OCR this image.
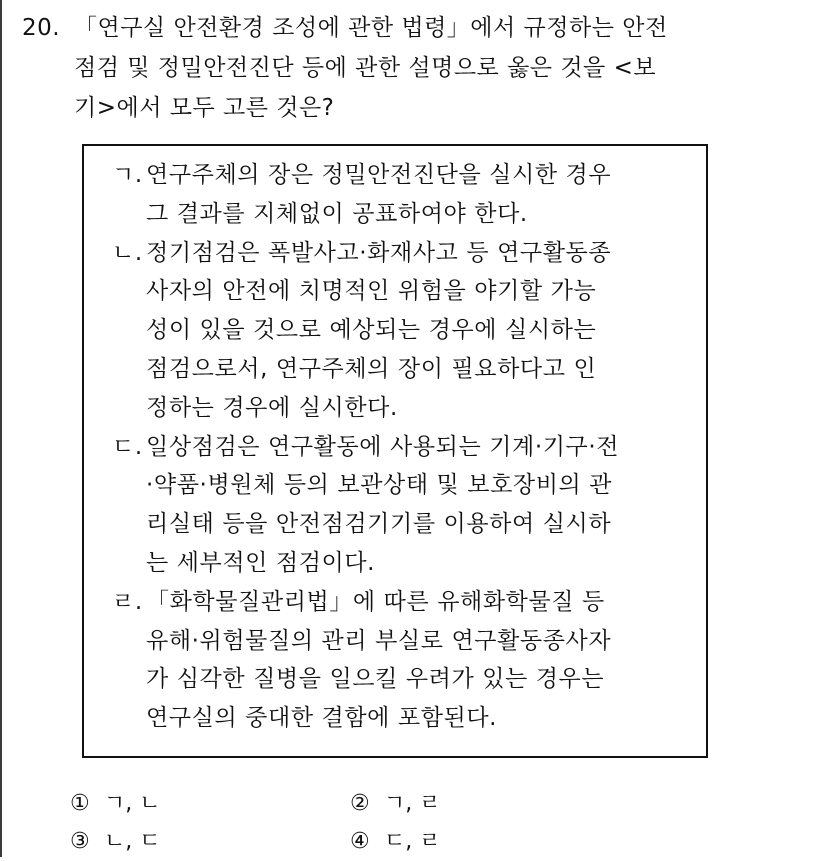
20. 「연구실 안전환경 조성에 관한 법령」에서 규정하는 안전
점검 및 정밀안전진단 등에 관한 설명으로 옳은 것을 <보
기>에서 모두 고른 것은?
ㄱ. 연구주체의 장은 정밀안전진단을 실시한 경우
그 결과를 지체없이 공표하여야 한다.
ㄴ. 정기점검은 폭발사고·화재사고 등 연구활동종
사자의 안전에 치명적인 위험을 야기할 가능
성이 있을 것으로 예상되는 경우에 실시하는
점검으로서, 연구주체의 장이 필요하다고 인
정하는 경우에 실시한다.
ㄷ. 일상점검은 연구활동에 사용되는 기계·기구·전
·약품·병원체 등의 보관상태 및 보호장비의 관
리실태 등을 안전점검기기를 이용하여 실시하
는 세부적인 점검이다.
ㄹ. 「화학물질관리법」에 따른 유해화학물질 등
유해·위험물질의 관리 부실로 연구활동종사자
가 심각한 질병을 일으킬 우려가 있는 경우는
연구실의 중대한 결함에 포함된다.
① ㄱ, ㄴ	② ㄱ, ㄹ
③ ㄴ, ㄷ	④ ㄷ, ㄹ
